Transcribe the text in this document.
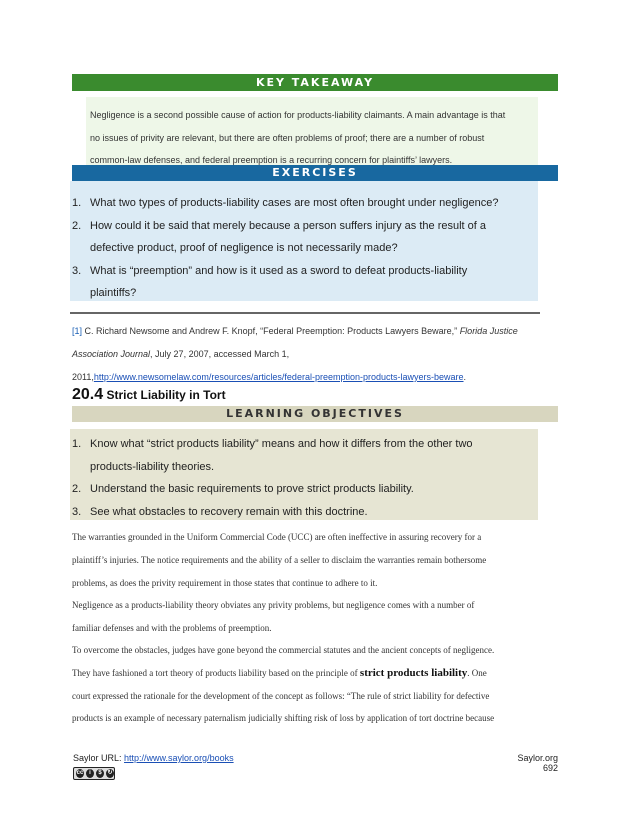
KEY TAKEAWAY
Negligence is a second possible cause of action for products-liability claimants. A main advantage is that
no issues of privity are relevant, but there are often problems of proof; there are a number of robust
common-law defenses, and federal preemption is a recurring concern for plaintiffs’ lawyers.
EXERCISES
1. What two types of products-liability cases are most often brought under negligence?
2. How could it be said that merely because a person suffers injury as the result of a
defective product, proof of negligence is not necessarily made?
3. What is “preemption” and how is it used as a sword to defeat products-liability
plaintiffs?
[1] C. Richard Newsome and Andrew F. Knopf, “Federal Preemption: Products Lawyers Beware,” Florida Justice
Association Journal, July 27, 2007, accessed March 1,
2011,http://www.newsomelaw.com/resources/articles/federal-preemption-products-lawyers-beware.
20.4 Strict Liability in Tort
LEARNING OBJECTIVES
1. Know what “strict products liability” means and how it differs from the other two
products-liability theories.
2. Understand the basic requirements to prove strict products liability.
3. See what obstacles to recovery remain with this doctrine.
The warranties grounded in the Uniform Commercial Code (UCC) are often ineffective in assuring recovery for a
plaintiff’s injuries. The notice requirements and the ability of a seller to disclaim the warranties remain bothersome
problems, as does the privity requirement in those states that continue to adhere to it.
Negligence as a products-liability theory obviates any privity problems, but negligence comes with a number of
familiar defenses and with the problems of preemption.
To overcome the obstacles, judges have gone beyond the commercial statutes and the ancient concepts of negligence.
They have fashioned a tort theory of products liability based on the principle of strict products liability. One
court expressed the rationale for the development of the concept as follows: “The rule of strict liability for defective
products is an example of necessary paternalism judicially shifting risk of loss by application of tort doctrine because
Saylor URL: http://www.saylor.org/books
cc i	$ ↻
Saylor.org
692
